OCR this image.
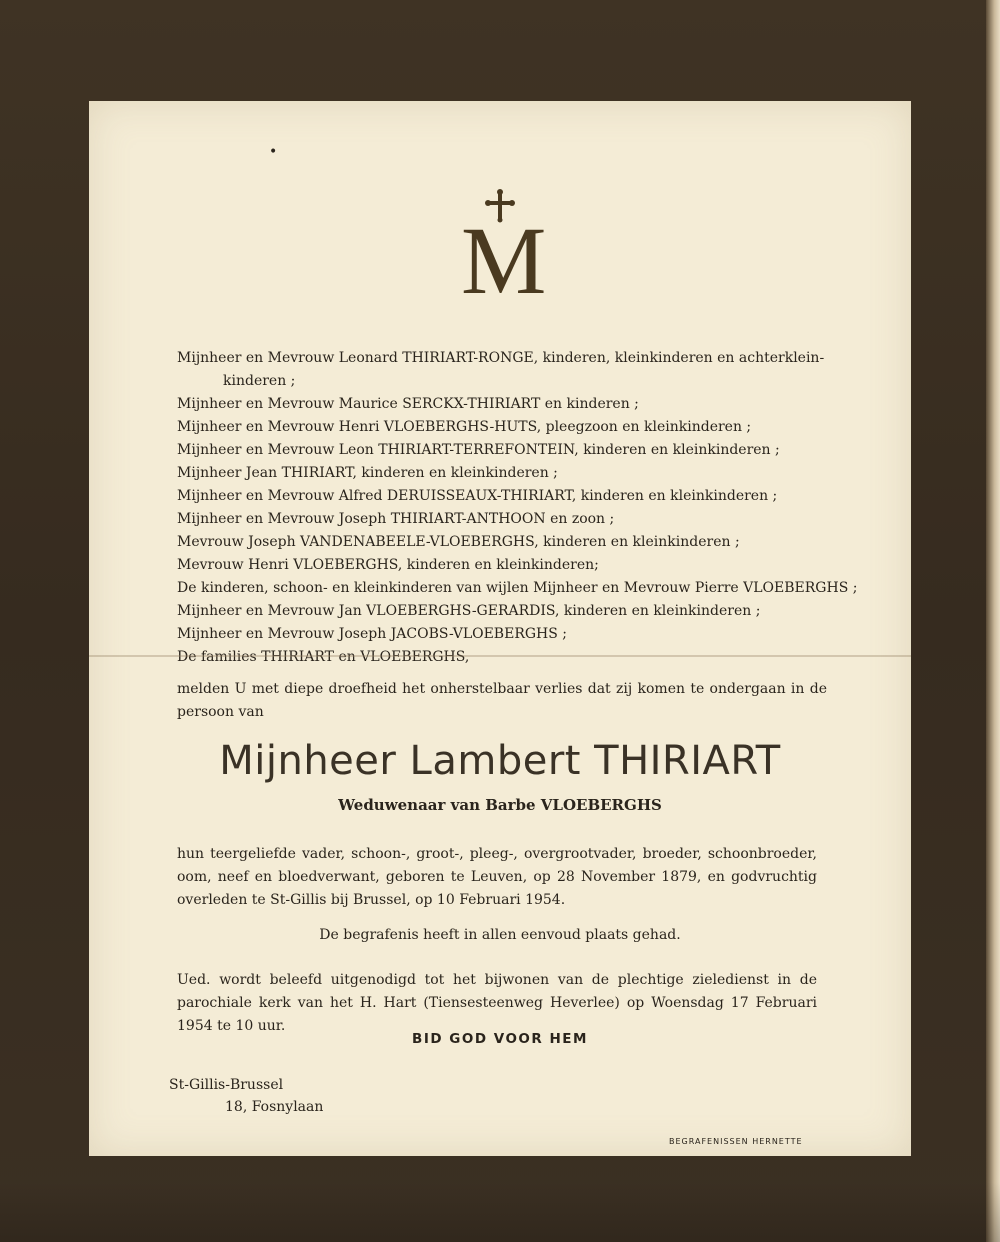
•
M
Mijnheer en Mevrouw Leonard THIRIART-RONGE, kinderen, kleinkinderen en achterklein-
kinderen ;
Mijnheer en Mevrouw Maurice SERCKX-THIRIART en kinderen ;
Mijnheer en Mevrouw Henri VLOEBERGHS-HUTS, pleegzoon en kleinkinderen ;
Mijnheer en Mevrouw Leon THIRIART-TERREFONTEIN, kinderen en kleinkinderen ;
Mijnheer Jean THIRIART, kinderen en kleinkinderen ;
Mijnheer en Mevrouw Alfred DERUISSEAUX-THIRIART, kinderen en kleinkinderen ;
Mijnheer en Mevrouw Joseph THIRIART-ANTHOON en zoon ;
Mevrouw Joseph VANDENABEELE-VLOEBERGHS, kinderen en kleinkinderen ;
Mevrouw Henri VLOEBERGHS, kinderen en kleinkinderen;
De kinderen, schoon- en kleinkinderen van wijlen Mijnheer en Mevrouw Pierre VLOEBERGHS ;
Mijnheer en Mevrouw Jan VLOEBERGHS-GERARDIS, kinderen en kleinkinderen ;
Mijnheer en Mevrouw Joseph JACOBS-VLOEBERGHS ;
De families THIRIART en VLOEBERGHS,
melden U met diepe droefheid het onherstelbaar verlies dat zij komen te ondergaan in de persoon van
Mijnheer Lambert THIRIART
Weduwenaar van Barbe VLOEBERGHS
hun teergeliefde vader, schoon-, groot-, pleeg-, overgrootvader, broeder, schoonbroeder, oom, neef en bloedverwant, geboren te Leuven, op 28 November 1879, en godvruchtig overleden te St-Gillis bij Brussel, op 10 Februari 1954.
De begrafenis heeft in allen eenvoud plaats gehad.
Ued. wordt beleefd uitgenodigd tot het bijwonen van de plechtige zieledienst in de parochiale kerk van het H. Hart (Tiensesteenweg Heverlee) op Woensdag 17 Februari 1954 te 10 uur.
BID GOD VOOR HEM
St-Gillis-Brussel
18, Fosnylaan
BEGRAFENISSEN HERNETTE
